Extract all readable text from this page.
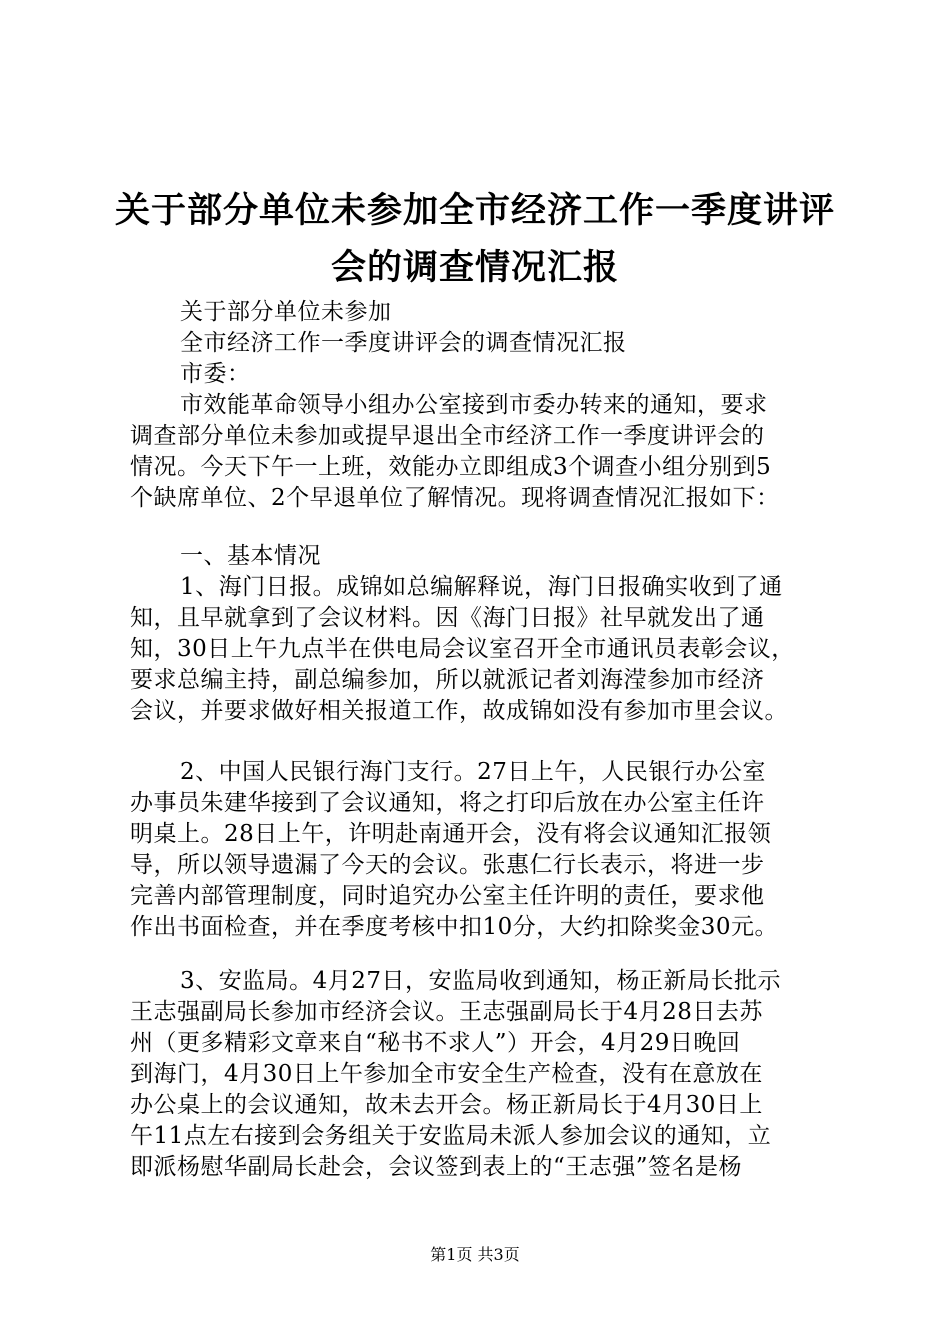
关于部分单位未参加全市经济工作一季度讲评
会的调查情况汇报
关于部分单位未参加
全市经济工作一季度讲评会的调查情况汇报
市委：
市效能革命领导小组办公室接到市委办转来的通知，要求
调查部分单位未参加或提早退出全市经济工作一季度讲评会的
情况。今天下午一上班，效能办立即组成3个调查小组分别到5
个缺席单位、2个早退单位了解情况。现将调查情况汇报如下：
一、基本情况
1、海门日报。成锦如总编解释说，海门日报确实收到了通
知，且早就拿到了会议材料。因《海门日报》社早就发出了通
知，30日上午九点半在供电局会议室召开全市通讯员表彰会议，
要求总编主持，副总编参加，所以就派记者刘海滢参加市经济
会议，并要求做好相关报道工作，故成锦如没有参加市里会议。
2、中国人民银行海门支行。27日上午，人民银行办公室
办事员朱建华接到了会议通知，将之打印后放在办公室主任许
明桌上。28日上午，许明赴南通开会，没有将会议通知汇报领
导，所以领导遗漏了今天的会议。张惠仁行长表示，将进一步
完善内部管理制度，同时追究办公室主任许明的责任，要求他
作出书面检查，并在季度考核中扣10分，大约扣除奖金30元。
3、安监局。4月27日，安监局收到通知，杨正新局长批示
王志强副局长参加市经济会议。王志强副局长于4月28日去苏
州（更多精彩文章来自“秘书不求人”）开会，4月29日晚回
到海门，4月30日上午参加全市安全生产检查，没有在意放在
办公桌上的会议通知，故未去开会。杨正新局长于4月30日上
午11点左右接到会务组关于安监局未派人参加会议的通知，立
即派杨慰华副局长赴会，会议签到表上的“王志强”签名是杨
第1页 共3页
